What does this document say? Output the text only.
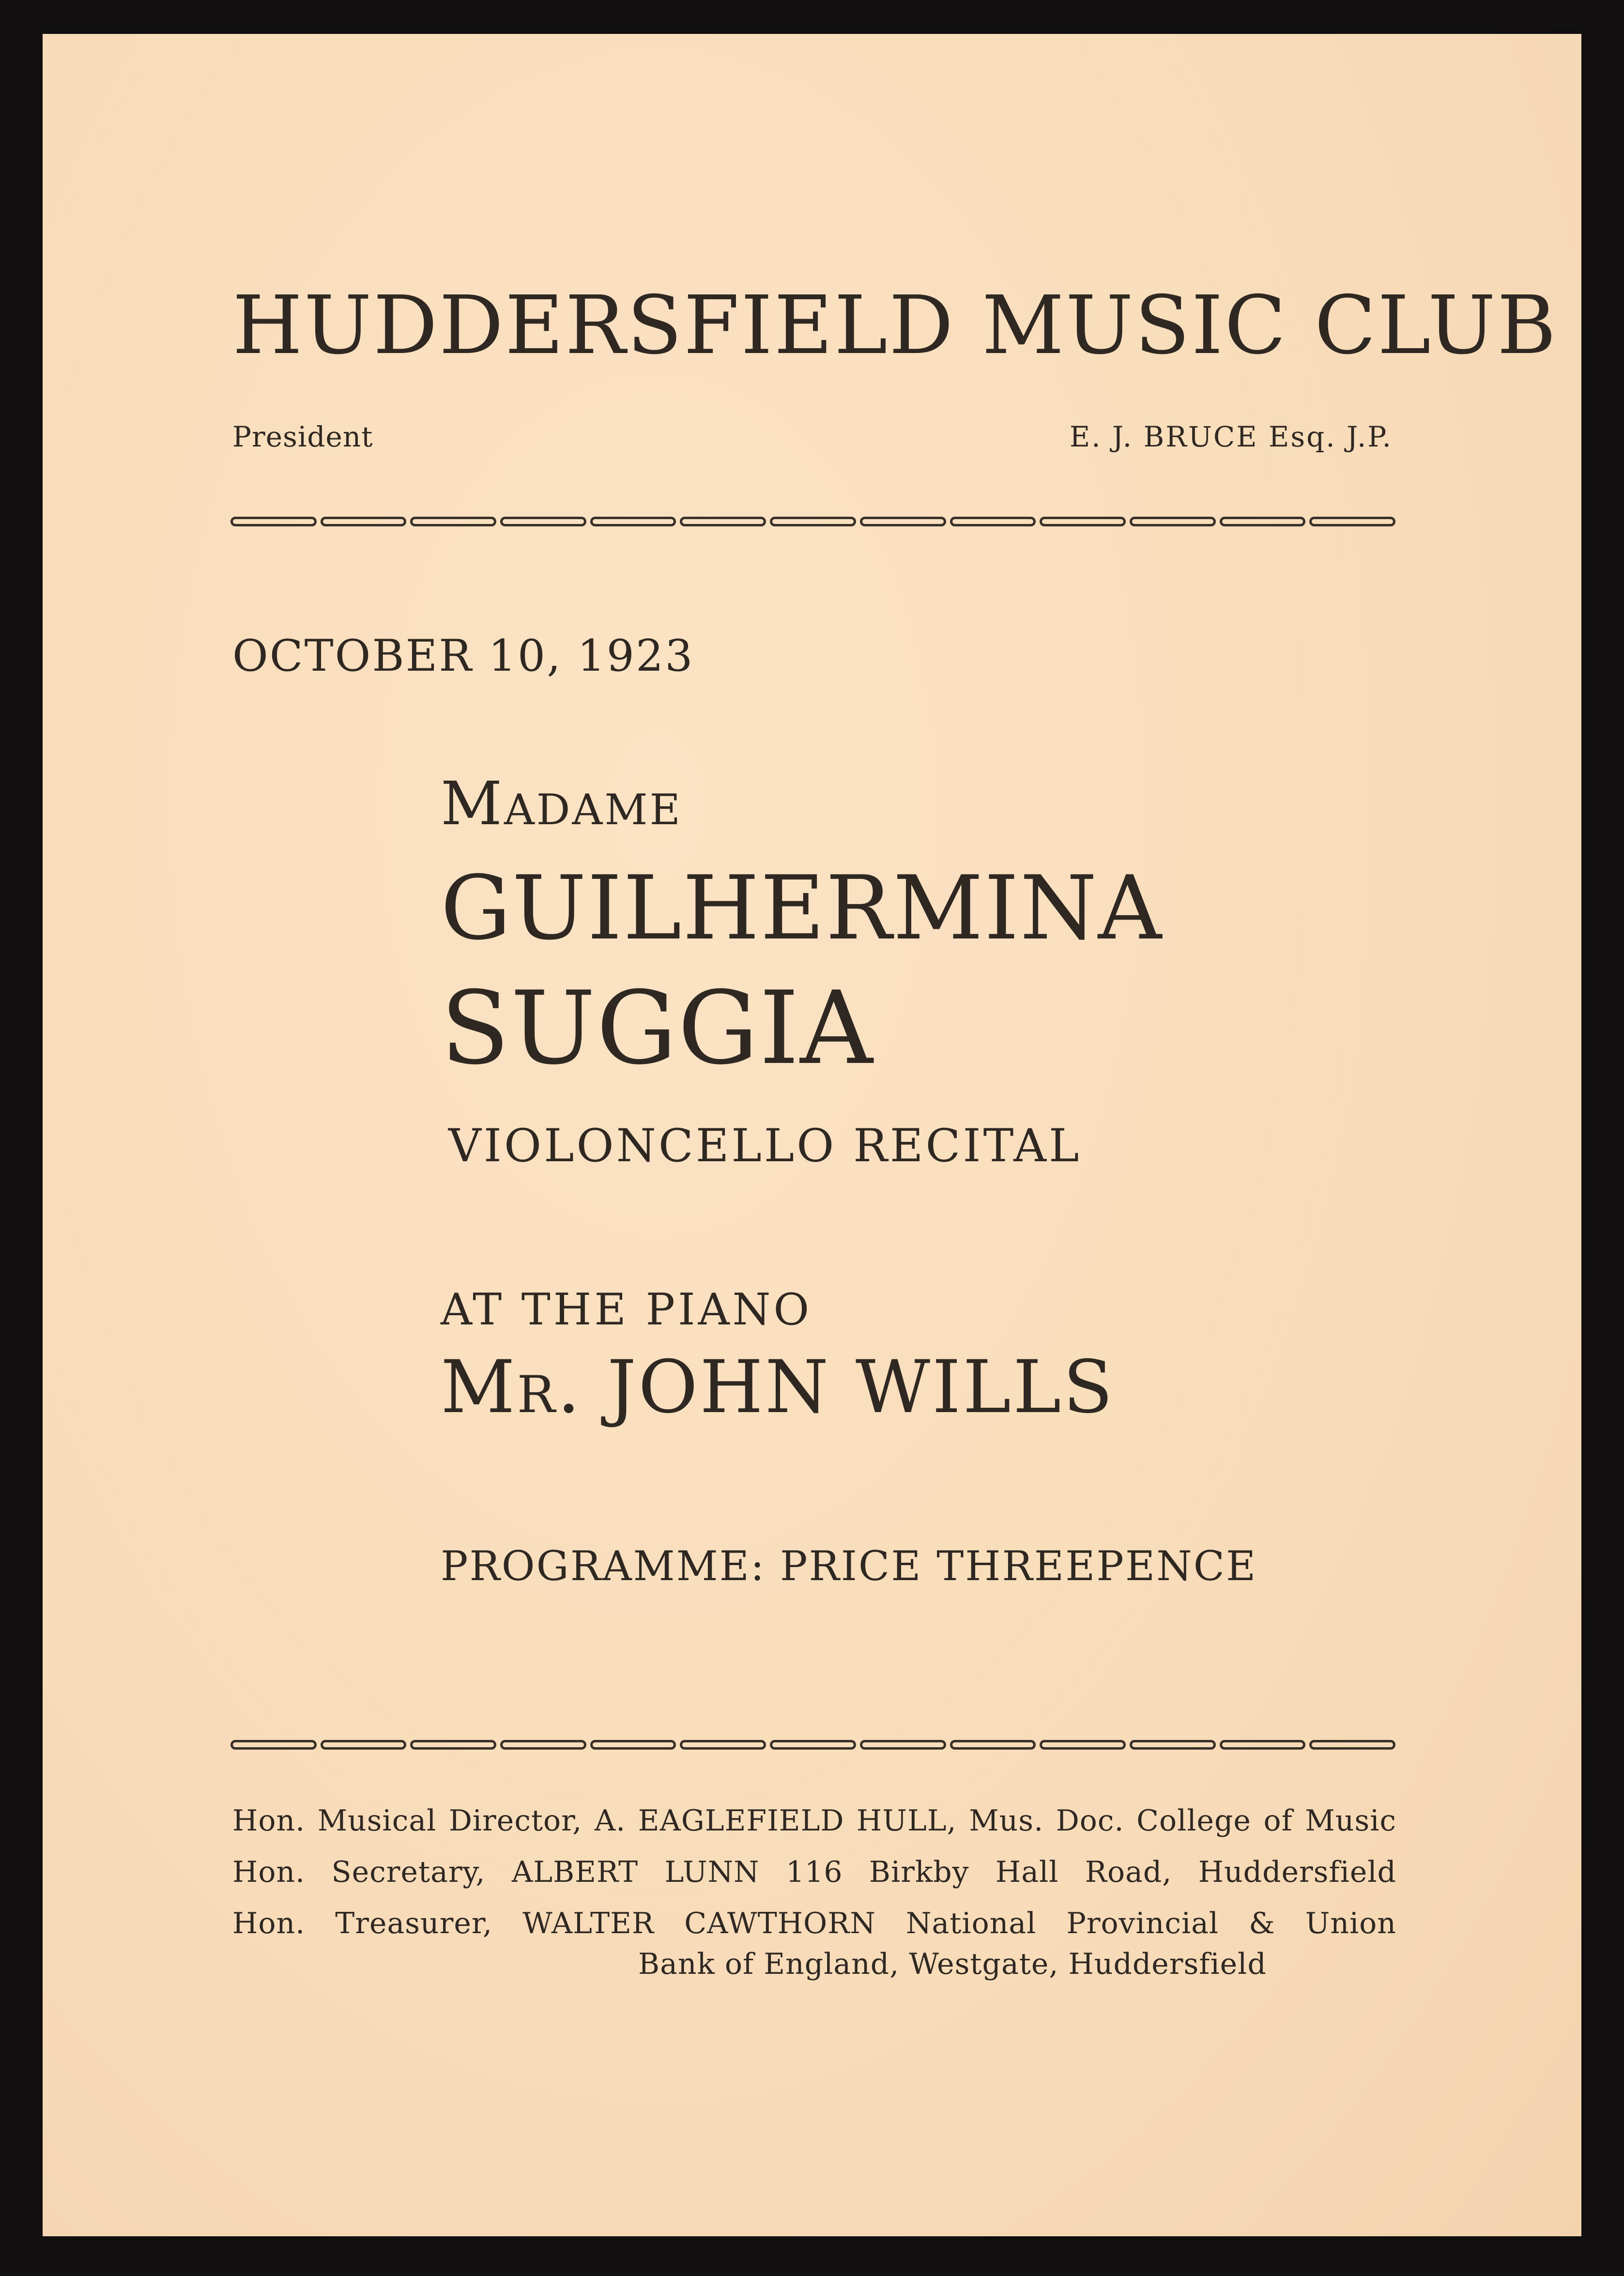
HUDDERSFIELD MUSIC CLUB
President	E. J. BRUCE Esq. J.P.
OCTOBER 10, 1923
Madame
GUILHERMINA
SUGGIA
VIOLONCELLO RECITAL
AT THE PIANO
Mr. JOHN WILLS
PROGRAMME: PRICE THREEPENCE
Hon. Musical Director, A. EAGLEFIELD HULL, Mus. Doc. College of Music
Hon. Secretary, ALBERT LUNN 116 Birkby Hall Road, Huddersfield
Hon. Treasurer, WALTER CAWTHORN National Provincial & Union
Bank of England, Westgate, Huddersfield
